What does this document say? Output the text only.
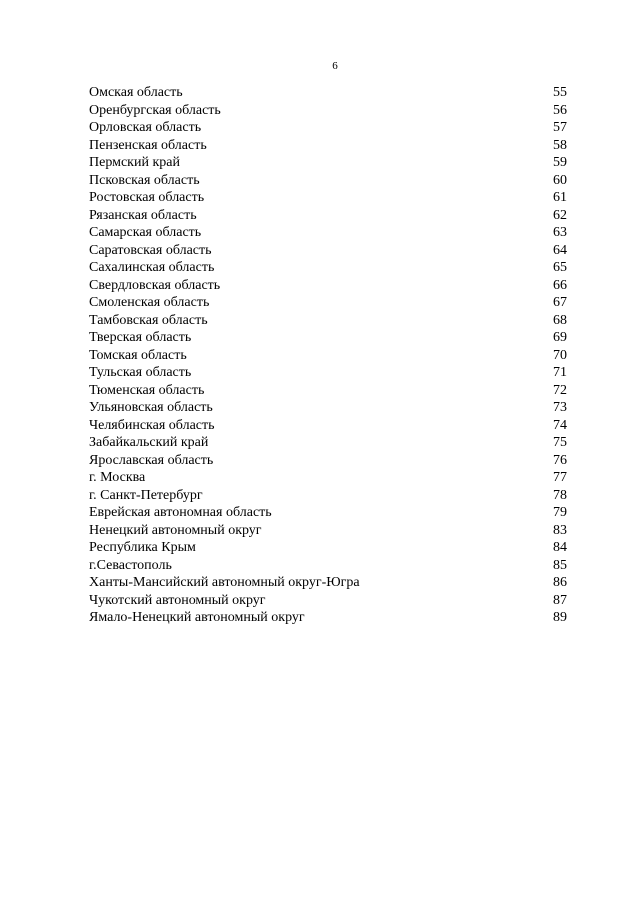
6
Омская область	55
Оренбургская область	56
Орловская область	57
Пензенская область	58
Пермский край	59
Псковская область	60
Ростовская область	61
Рязанская область	62
Самарская область	63
Саратовская область	64
Сахалинская область	65
Свердловская область	66
Смоленская область	67
Тамбовская область	68
Тверская область	69
Томская область	70
Тульская область	71
Тюменская область	72
Ульяновская область	73
Челябинская область	74
Забайкальский край	75
Ярославская область	76
г. Москва	77
г. Санкт-Петербург	78
Еврейская автономная область	79
Ненецкий автономный округ	83
Республика Крым	84
г.Севастополь	85
Ханты-Мансийский автономный округ-Югра	86
Чукотский автономный округ	87
Ямало-Ненецкий автономный округ	89
